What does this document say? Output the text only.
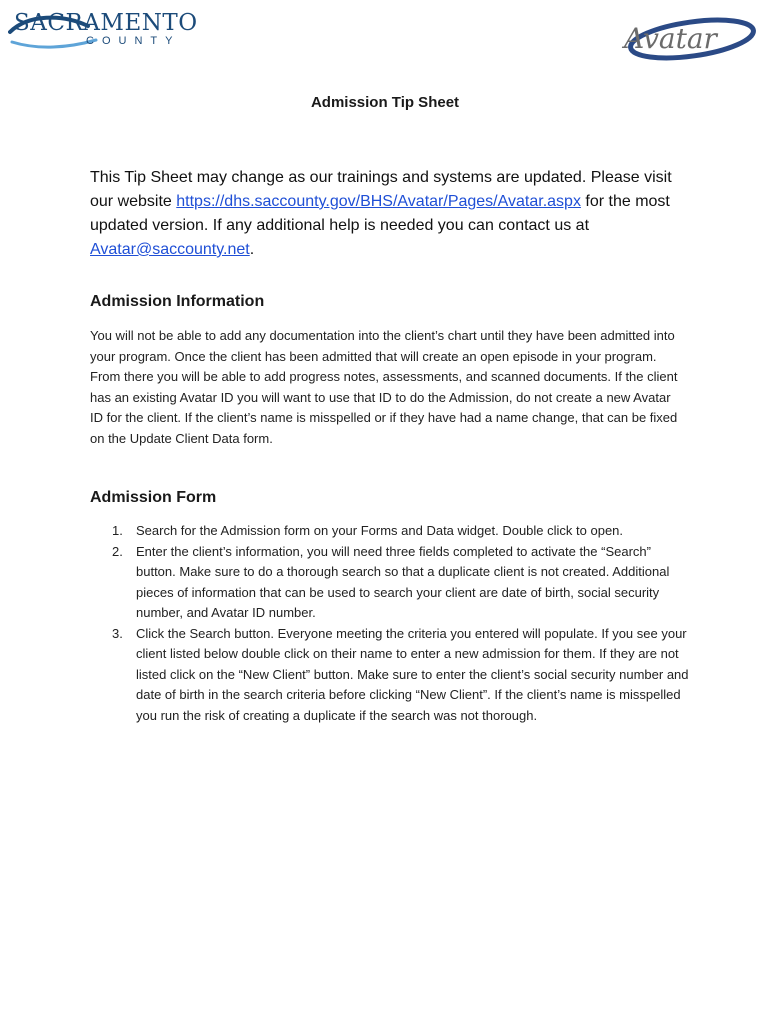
SACRAMENTO
COUNTY	Avatar
Admission Tip Sheet

This Tip Sheet may change as our trainings and systems are updated. Please visit our website https://dhs.saccounty.gov/BHS/Avatar/Pages/Avatar.aspx for the most updated version. If any additional help is needed you can contact us at Avatar@saccounty.net.

Admission Information

You will not be able to add any documentation into the client’s chart until they have been admitted into your program. Once the client has been admitted that will create an open episode in your program. From there you will be able to add progress notes, assessments, and scanned documents. If the client has an existing Avatar ID you will want to use that ID to do the Admission, do not create a new Avatar ID for the client. If the client’s name is misspelled or if they have had a name change, that can be fixed on the Update Client Data form.

Admission Form
1. Search for the Admission form on your Forms and Data widget. Double click to open.
2. Enter the client’s information, you will need three fields completed to activate the “Search” button. Make sure to do a thorough search so that a duplicate client is not created. Additional pieces of information that can be used to search your client are date of birth, social security number, and Avatar ID number.
3. Click the Search button. Everyone meeting the criteria you entered will populate. If you see your client listed below double click on their name to enter a new admission for them. If they are not listed click on the “New Client” button. Make sure to enter the client’s social security number and date of birth in the search criteria before clicking “New Client”. If the client’s name is misspelled you run the risk of creating a duplicate if the search was not thorough.
